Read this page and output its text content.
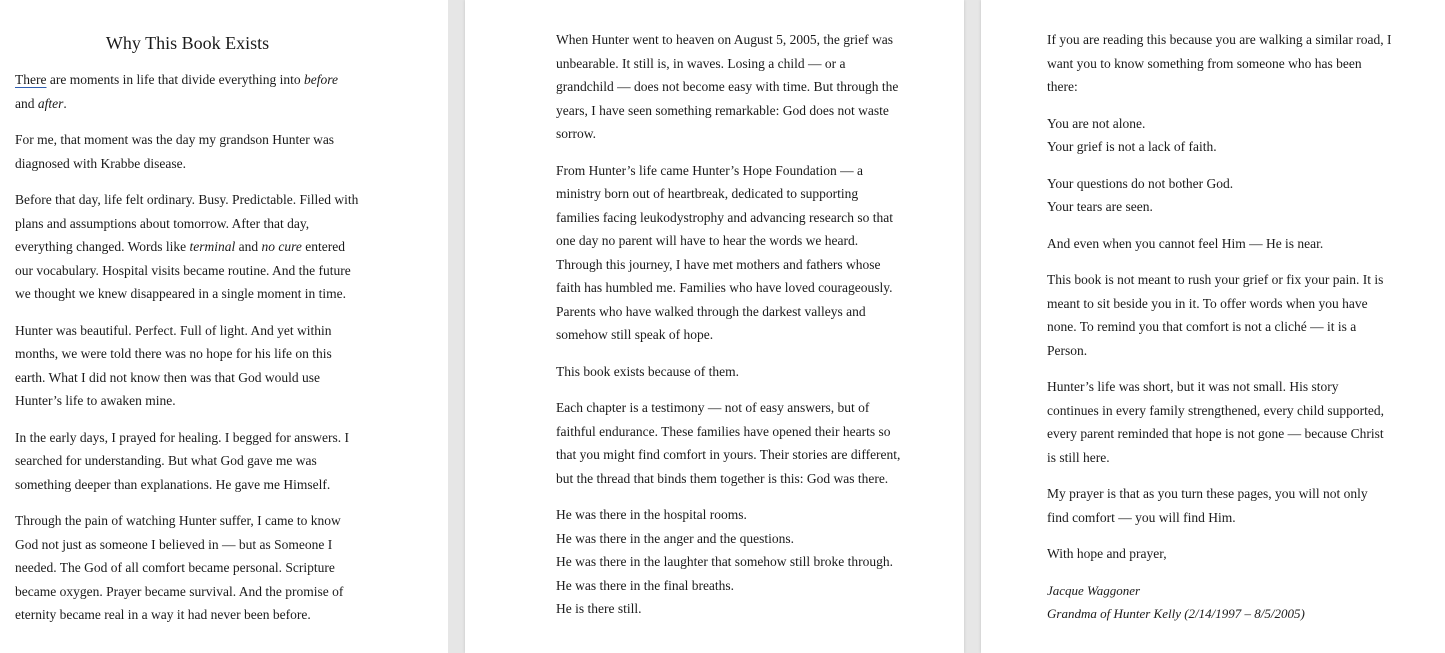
Why This Book Exists

There are moments in life that divide everything into before and after.

For me, that moment was the day my grandson Hunter was diagnosed with Krabbe disease.

Before that day, life felt ordinary. Busy. Predictable. Filled with plans and assumptions about tomorrow. After that day, everything changed. Words like terminal and no cure entered our vocabulary. Hospital visits became routine. And the future we thought we knew disappeared in a single moment in time.

Hunter was beautiful. Perfect. Full of light. And yet within months, we were told there was no hope for his life on this earth. What I did not know then was that God would use Hunter’s life to awaken mine.

In the early days, I prayed for healing. I begged for answers. I searched for understanding. But what God gave me was something deeper than explanations. He gave me Himself.

Through the pain of watching Hunter suffer, I came to know God not just as someone I believed in — but as Someone I needed. The God of all comfort became personal. Scripture became oxygen. Prayer became survival. And the promise of eternity became real in a way it had never been before.

When Hunter went to heaven on August 5, 2005, the grief was unbearable. It still is, in waves. Losing a child — or a grandchild — does not become easy with time. But through the years, I have seen something remarkable: God does not waste sorrow.

From Hunter’s life came Hunter’s Hope Foundation — a ministry born out of heartbreak, dedicated to supporting families facing leukodystrophy and advancing research so that one day no parent will have to hear the words we heard. Through this journey, I have met mothers and fathers whose faith has humbled me. Families who have loved courageously. Parents who have walked through the darkest valleys and somehow still speak of hope.

This book exists because of them.

Each chapter is a testimony — not of easy answers, but of faithful endurance. These families have opened their hearts so that you might find comfort in yours. Their stories are different, but the thread that binds them together is this: God was there.

He was there in the hospital rooms.
He was there in the anger and the questions.
He was there in the laughter that somehow still broke through.
He was there in the final breaths.
He is there still.

If you are reading this because you are walking a similar road, I want you to know something from someone who has been there:

You are not alone.
Your grief is not a lack of faith.

Your questions do not bother God.
Your tears are seen.

And even when you cannot feel Him — He is near.

This book is not meant to rush your grief or fix your pain. It is meant to sit beside you in it. To offer words when you have none. To remind you that comfort is not a cliché — it is a Person.

Hunter’s life was short, but it was not small. His story continues in every family strengthened, every child supported, every parent reminded that hope is not gone — because Christ is still here.

My prayer is that as you turn these pages, you will not only find comfort — you will find Him.

With hope and prayer,

Jacque Waggoner
Grandma of Hunter Kelly (2/14/1997 – 8/5/2005)
